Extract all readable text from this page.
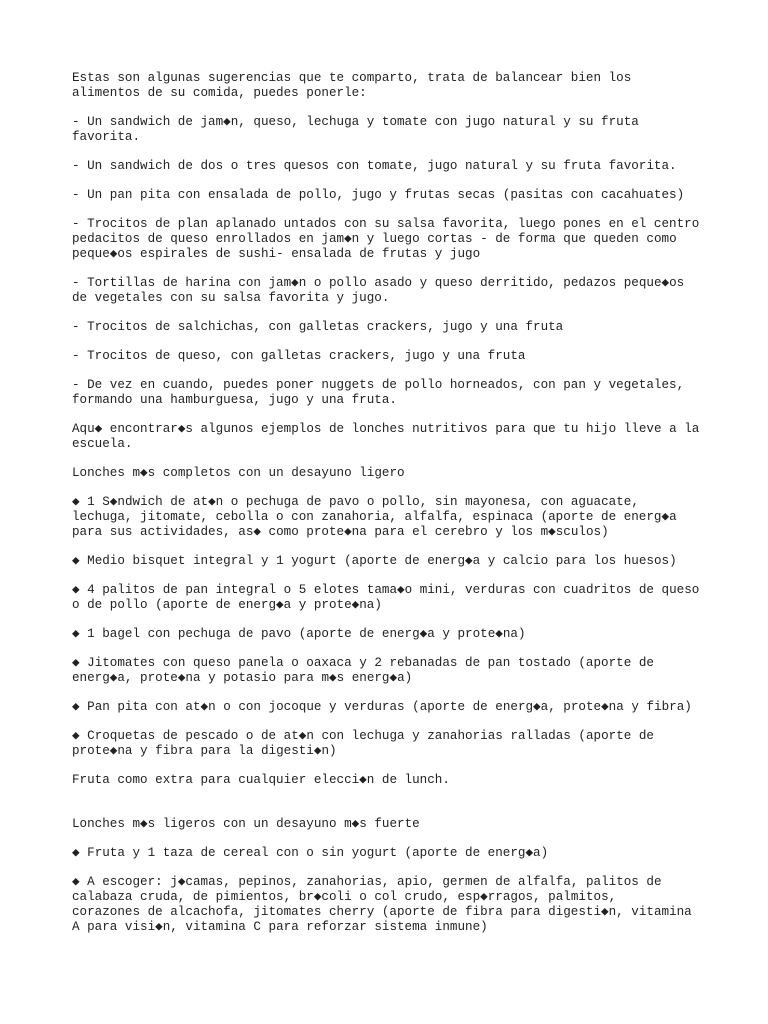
Estas son algunas sugerencias que te comparto, trata de balancear bien los
alimentos de su comida, puedes ponerle:

- Un sandwich de jam◆n, queso, lechuga y tomate con jugo natural y su fruta
favorita.

- Un sandwich de dos o tres quesos con tomate, jugo natural y su fruta favorita.

- Un pan pita con ensalada de pollo, jugo y frutas secas (pasitas con cacahuates)

- Trocitos de plan aplanado untados con su salsa favorita, luego pones en el centro
pedacitos de queso enrollados en jam◆n y luego cortas - de forma que queden como
peque◆os espirales de sushi- ensalada de frutas y jugo

- Tortillas de harina con jam◆n o pollo asado y queso derritido, pedazos peque◆os
de vegetales con su salsa favorita y jugo.

- Trocitos de salchichas, con galletas crackers, jugo y una fruta

- Trocitos de queso, con galletas crackers, jugo y una fruta

- De vez en cuando, puedes poner nuggets de pollo horneados, con pan y vegetales,
formando una hamburguesa, jugo y una fruta.

Aqu◆ encontrar◆s algunos ejemplos de lonches nutritivos para que tu hijo lleve a la
escuela.

Lonches m◆s completos con un desayuno ligero

◆ 1 S◆ndwich de at◆n o pechuga de pavo o pollo, sin mayonesa, con aguacate,
lechuga, jitomate, cebolla o con zanahoria, alfalfa, espinaca (aporte de energ◆a
para sus actividades, as◆ como prote◆na para el cerebro y los m◆sculos)

◆ Medio bisquet integral y 1 yogurt (aporte de energ◆a y calcio para los huesos)

◆ 4 palitos de pan integral o 5 elotes tama◆o mini, verduras con cuadritos de queso
o de pollo (aporte de energ◆a y prote◆na)

◆ 1 bagel con pechuga de pavo (aporte de energ◆a y prote◆na)

◆ Jitomates con queso panela o oaxaca y 2 rebanadas de pan tostado (aporte de
energ◆a, prote◆na y potasio para m◆s energ◆a)

◆ Pan pita con at◆n o con jocoque y verduras (aporte de energ◆a, prote◆na y fibra)

◆ Croquetas de pescado o de at◆n con lechuga y zanahorias ralladas (aporte de
prote◆na y fibra para la digesti◆n)

Fruta como extra para cualquier elecci◆n de lunch.

Lonches m◆s ligeros con un desayuno m◆s fuerte

◆ Fruta y 1 taza de cereal con o sin yogurt (aporte de energ◆a)

◆ A escoger: j◆camas, pepinos, zanahorias, apio, germen de alfalfa, palitos de
calabaza cruda, de pimientos, br◆coli o col crudo, esp◆rragos, palmitos,
corazones de alcachofa, jitomates cherry (aporte de fibra para digesti◆n, vitamina
A para visi◆n, vitamina C para reforzar sistema inmune)
